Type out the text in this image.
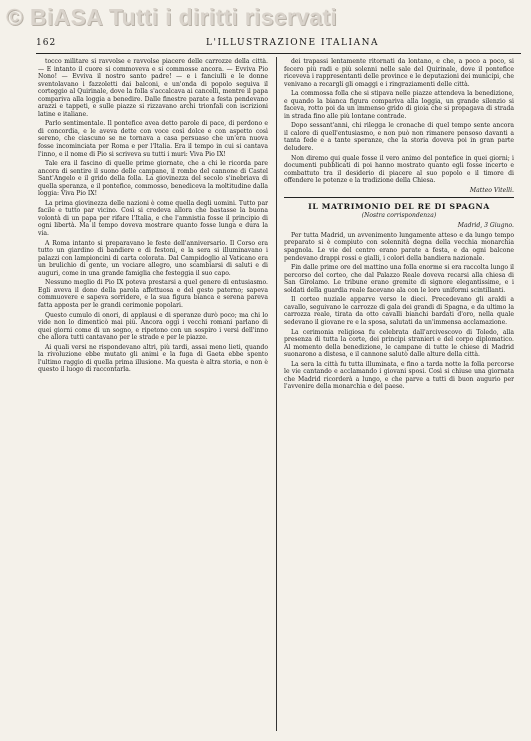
© BiASA Tutti i diritti riservati
162	L'ILLUSTRAZIONE ITALIANA

tocco militare si ravvolse e ravvolse piacere delle carrozze della città. — E intanto il cuore si commoveva e si commosse ancora. — Evviva Pio Nono! — Evviva il nostro santo padre! — e i fanciulli e le donne sventolavano i fazzoletti dai balconi, e un'onda di popolo seguiva il corteggio al Quirinale, dove la folla s'accalcava ai cancelli, mentre il papa compariva alla loggia a benedire. Dalle finestre parate a festa pendevano arazzi e tappeti, e sulle piazze si rizzavano archi trionfali con iscrizioni latine e italiane.

Parlo sentimentale. Il pontefice avea detto parole di pace, di perdono e di concordia, e le aveva dette con voce così dolce e con aspetto così sereno, che ciascuno se ne tornava a casa persuaso che un'era nuova fosse incominciata per Roma e per l'Italia. Era il tempo in cui si cantava l'inno, e il nome di Pio si scriveva su tutti i muri: Viva Pio IX!

Tale era il fascino di quelle prime giornate, che a chi le ricorda pare ancora di sentire il suono delle campane, il rombo del cannone di Castel Sant'Angelo e il grido della folla. La giovinezza del secolo s'inebriava di quella speranza, e il pontefice, commosso, benediceva la moltitudine dalla loggia: Viva Pio IX!

La prima giovinezza delle nazioni è come quella degli uomini. Tutto par facile e tutto par vicino. Così si credeva allora che bastasse la buona volontà di un papa per rifare l'Italia, e che l'amnistia fosse il principio di ogni libertà. Ma il tempo doveva mostrare quanto fosse lunga e dura la via.

A Roma intanto si preparavano le feste dell'anniversario. Il Corso era tutto un giardino di bandiere e di festoni, e la sera si illuminavano i palazzi con lampioncini di carta colorata. Dal Campidoglio al Vaticano era un brulichio di gente, un vociare allegro, uno scambiarsi di saluti e di auguri, come in una grande famiglia che festeggia il suo capo.

Nessuno meglio di Pio IX poteva prestarsi a quel genere di entusiasmo. Egli aveva il dono della parola affettuosa e del gesto paterno; sapeva commuovere e sapeva sorridere, e la sua figura bianca e serena pareva fatta apposta per le grandi cerimonie popolari.

Questo cumulo di onori, di applausi e di speranze durò poco; ma chi lo vide non lo dimenticò mai più. Ancora oggi i vecchi romani parlano di quei giorni come di un sogno, e ripetono con un sospiro i versi dell'inno che allora tutti cantavano per le strade e per le piazze.

Ai quali versi ne rispondevano altri, più tardi, assai meno lieti, quando la rivoluzione ebbe mutato gli animi e la fuga di Gaeta ebbe spento l'ultimo raggio di quella prima illusione. Ma questa è altra storia, e non è questo il luogo di raccontarla.

dei trapassi lentamente ritornati da lontano, e che, a poco a poco, si fecero più radi e più solenni nelle sale del Quirinale, dove il pontefice riceveva i rappresentanti delle province e le deputazioni dei municipi, che venivano a recargli gli omaggi e i ringraziamenti delle città.

La commossa folla che si stipava nelle piazze attendeva la benedizione, e quando la bianca figura compariva alla loggia, un grande silenzio si faceva, rotto poi da un immenso grido di gioia che si propagava di strada in strada fino alle più lontane contrade.

Dopo sessant'anni, chi rilegga le cronache di quel tempo sente ancora il calore di quell'entusiasmo, e non può non rimanere pensoso davanti a tanta fede e a tante speranze, che la storia doveva poi in gran parte deludere.

Non diremo qui quale fosse il vero animo del pontefice in quei giorni; i documenti pubblicati di poi hanno mostrato quanto egli fosse incerto e combattuto tra il desiderio di piacere al suo popolo e il timore di offendere le potenze e la tradizione della Chiesa.

Matteo Vitelli.
IL MATRIMONIO DEL RE DI SPAGNA
(Nostra corrispondenza)
Madrid, 3 Giugno.

Per tutta Madrid, un avvenimento lungamente atteso e da lungo tempo preparato si è compiuto con solennità degna della vecchia monarchia spagnola. Le vie del centro erano parate a festa, e da ogni balcone pendevano drappi rossi e gialli, i colori della bandiera nazionale.

Fin dalle prime ore del mattino una folla enorme si era raccolta lungo il percorso del corteo, che dal Palazzo Reale doveva recarsi alla chiesa di San Girolamo. Le tribune erano gremite di signore elegantissime, e i soldati della guardia reale facevano ala con le loro uniformi scintillanti.

Il corteo nuziale apparve verso le dieci. Precedevano gli araldi a cavallo, seguivano le carrozze di gala dei grandi di Spagna, e da ultimo la carrozza reale, tirata da otto cavalli bianchi bardati d'oro, nella quale sedevano il giovane re e la sposa, salutati da un'immensa acclamazione.

La cerimonia religiosa fu celebrata dall'arcivescovo di Toledo, alla presenza di tutta la corte, dei principi stranieri e del corpo diplomatico. Al momento della benedizione, le campane di tutte le chiese di Madrid suonarono a distesa, e il cannone salutò dalle alture della città.

La sera la città fu tutta illuminata, e fino a tarda notte la folla percorse le vie cantando e acclamando i giovani sposi. Così si chiuse una giornata che Madrid ricorderà a lungo, e che parve a tutti di buon augurio per l'avvenire della monarchia e del paese.
